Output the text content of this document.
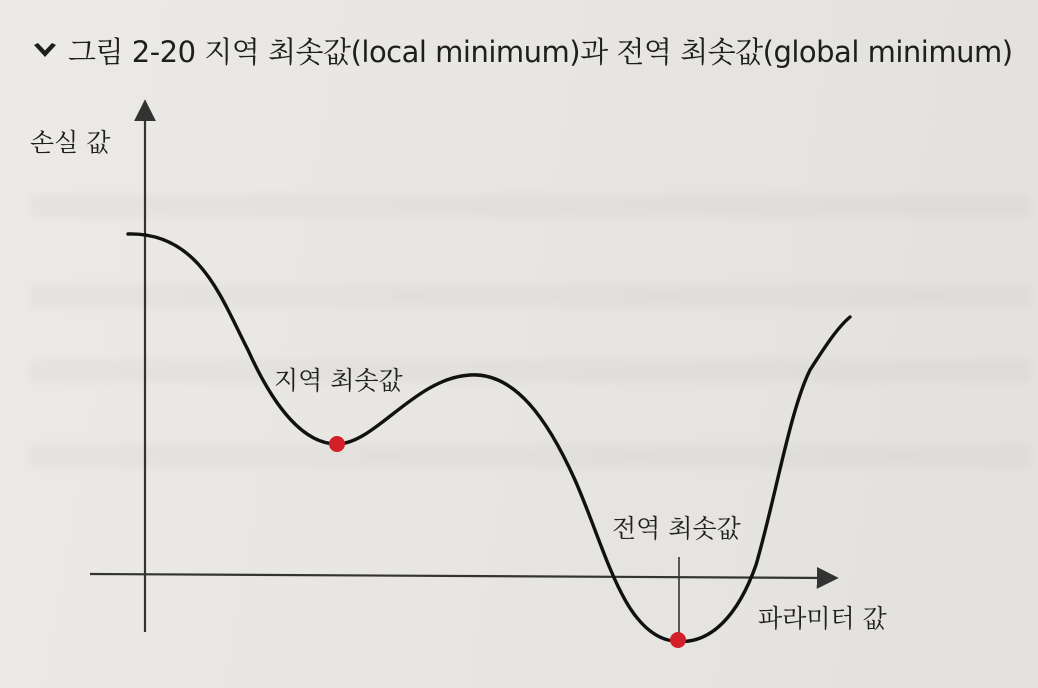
그림 2-20 지역 최솟값(local minimum)과 전역 최솟값(global minimum)
손실 값
파라미터 값
지역 최솟값
전역 최솟값
